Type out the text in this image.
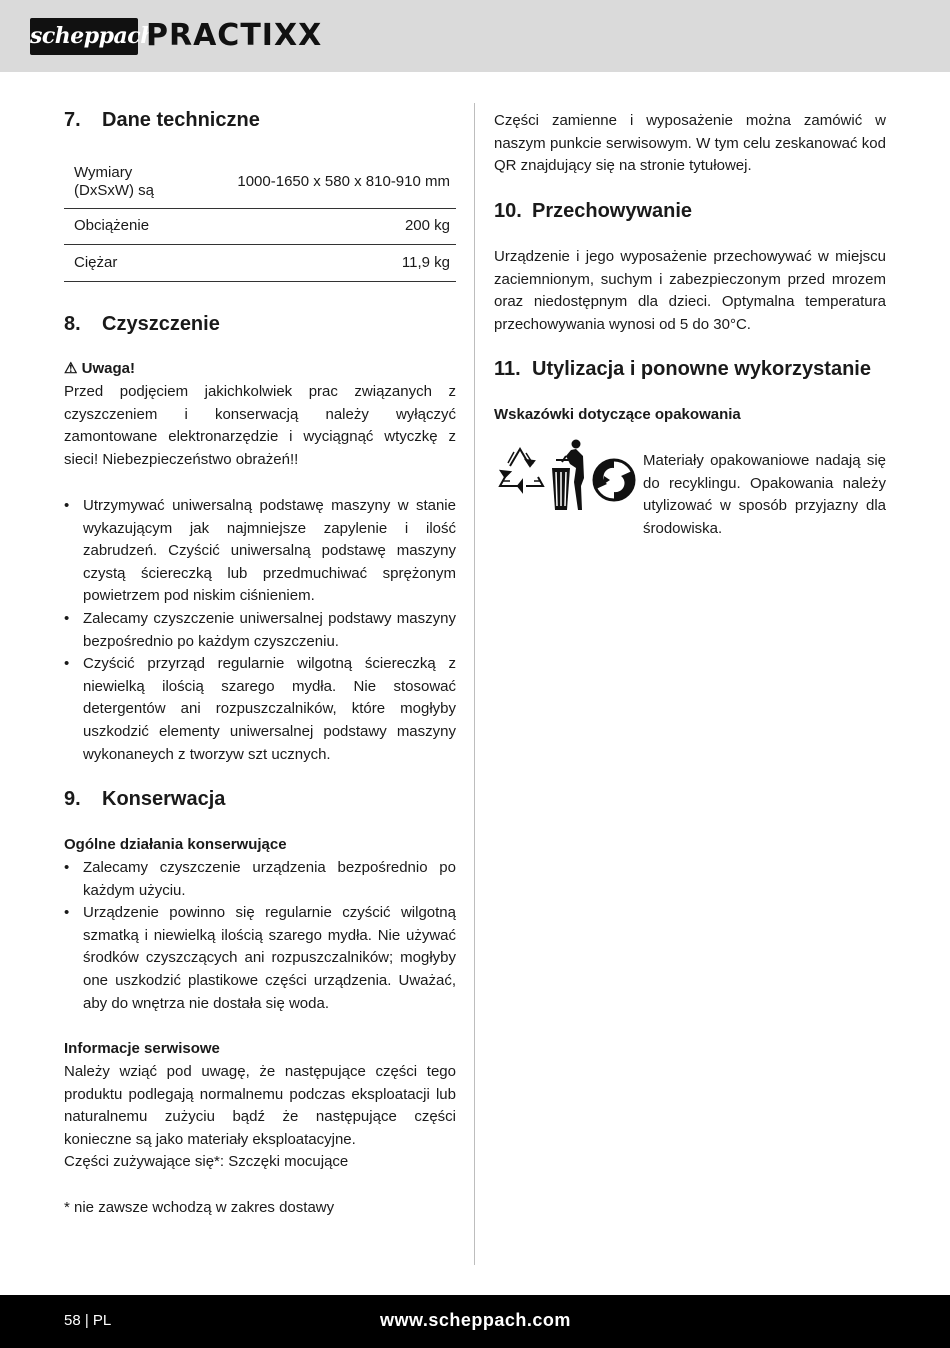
scheppach
PRACTIXX
7. Dane techniczne
Wymiary (DxSxW) są	1000-1650 x 580 x 810-910 mm
Obciążenie	200 kg
Ciężar	11,9 kg
8. Czyszczenie
⚠ Uwaga!

Przed podjęciem jakichkolwiek prac związanych z czyszczeniem i konserwacją należy wyłączyć zamontowane elektronarzędzie i wyciągnąć wtyczkę z sieci! Niebezpieczeństwo obrażeń!!

• Utrzymywać uniwersalną podstawę maszyny w stanie wykazującym jak najmniejsze zapylenie i ilość zabrudzeń. Czyścić uniwersalną podstawę maszyny czystą ściereczką lub przedmuchiwać sprężonym powietrzem pod niskim ciśnieniem.
• Zalecamy czyszczenie uniwersalnej podstawy maszyny bezpośrednio po każdym czyszczeniu.
• Czyścić przyrząd regularnie wilgotną ściereczką z niewielką ilością szarego mydła. Nie stosować detergentów ani rozpuszczalników, które mogłyby uszkodzić elementy uniwersalnej podstawy maszyny wykonaneych z tworzyw szt ucznych.
9. Konserwacja
Ogólne działania konserwujące
• Zalecamy czyszczenie urządzenia bezpośrednio po każdym użyciu.
• Urządzenie powinno się regularnie czyścić wilgotną szmatką i niewielką ilością szarego mydła. Nie używać środków czyszczących ani rozpuszczalników; mogłyby one uszkodzić plastikowe części urządzenia. Uważać, aby do wnętrza nie dostała się woda.
Informacje serwisowe

Należy wziąć pod uwagę, że następujące części tego produktu podlegają normalnemu podczas eksploatacji lub naturalnemu zużyciu bądź że następujące części konieczne są jako materiały eksploatacyjne.

Części zużywające się*: Szczęki mocujące

* nie zawsze wchodzą w zakres dostawy

Części zamienne i wyposażenie można zamówić w naszym punkcie serwisowym. W tym celu zeskanować kod QR znajdujący się na stronie tytułowej.

10. Przechowywanie

Urządzenie i jego wyposażenie przechowywać w miejscu zaciemnionym, suchym i zabezpieczonym przed mrozem oraz niedostępnym dla dzieci. Optymalna temperatura przechowywania wynosi od 5 do 30°C.

11. Utylizacja i ponowne wykorzystanie
Wskazówki dotyczące opakowania

Materiały opakowaniowe nadają się do recyklingu. Opakowania należy utylizować w sposób przyjazny dla środowiska.

58 | PL	www.scheppach.com
